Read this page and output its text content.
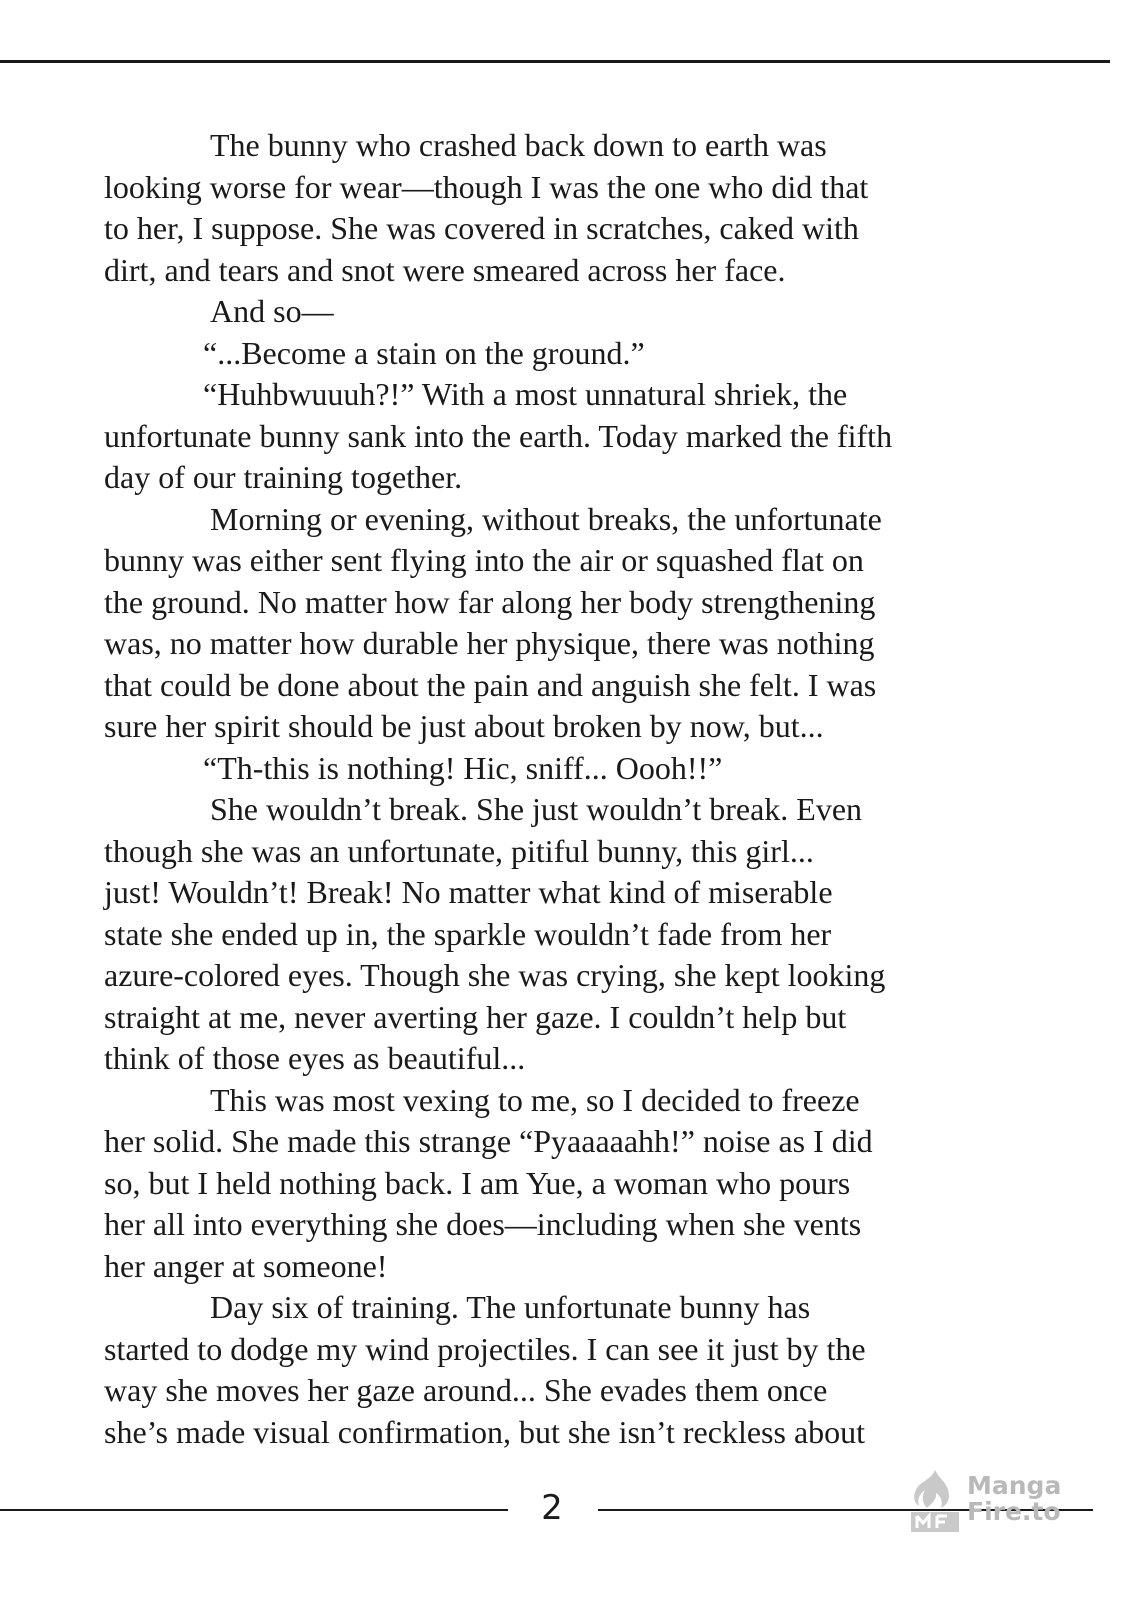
The bunny who crashed back down to earth was
looking worse for wear—though I was the one who did that
to her, I suppose. She was covered in scratches, caked with
dirt, and tears and snot were smeared across her face.
And so—
“...Become a stain on the ground.”
“Huhbwuuuh?!” With a most unnatural shriek, the
unfortunate bunny sank into the earth. Today marked the fifth
day of our training together.
Morning or evening, without breaks, the unfortunate
bunny was either sent flying into the air or squashed flat on
the ground. No matter how far along her body strengthening
was, no matter how durable her physique, there was nothing
that could be done about the pain and anguish she felt. I was
sure her spirit should be just about broken by now, but...
“Th-this is nothing! Hic, sniff... Oooh!!”
She wouldn’t break. She just wouldn’t break. Even
though she was an unfortunate, pitiful bunny, this girl...
just! Wouldn’t! Break! No matter what kind of miserable
state she ended up in, the sparkle wouldn’t fade from her
azure-colored eyes. Though she was crying, she kept looking
straight at me, never averting her gaze. I couldn’t help but
think of those eyes as beautiful...
This was most vexing to me, so I decided to freeze
her solid. She made this strange “Pyaaaaahh!” noise as I did
so, but I held nothing back. I am Yue, a woman who pours
her all into everything she does—including when she vents
her anger at someone!
Day six of training. The unfortunate bunny has
started to dodge my wind projectiles. I can see it just by the
way she moves her gaze around... She evades them once
she’s made visual confirmation, but she isn’t reckless about
2
Manga
Fire.to
